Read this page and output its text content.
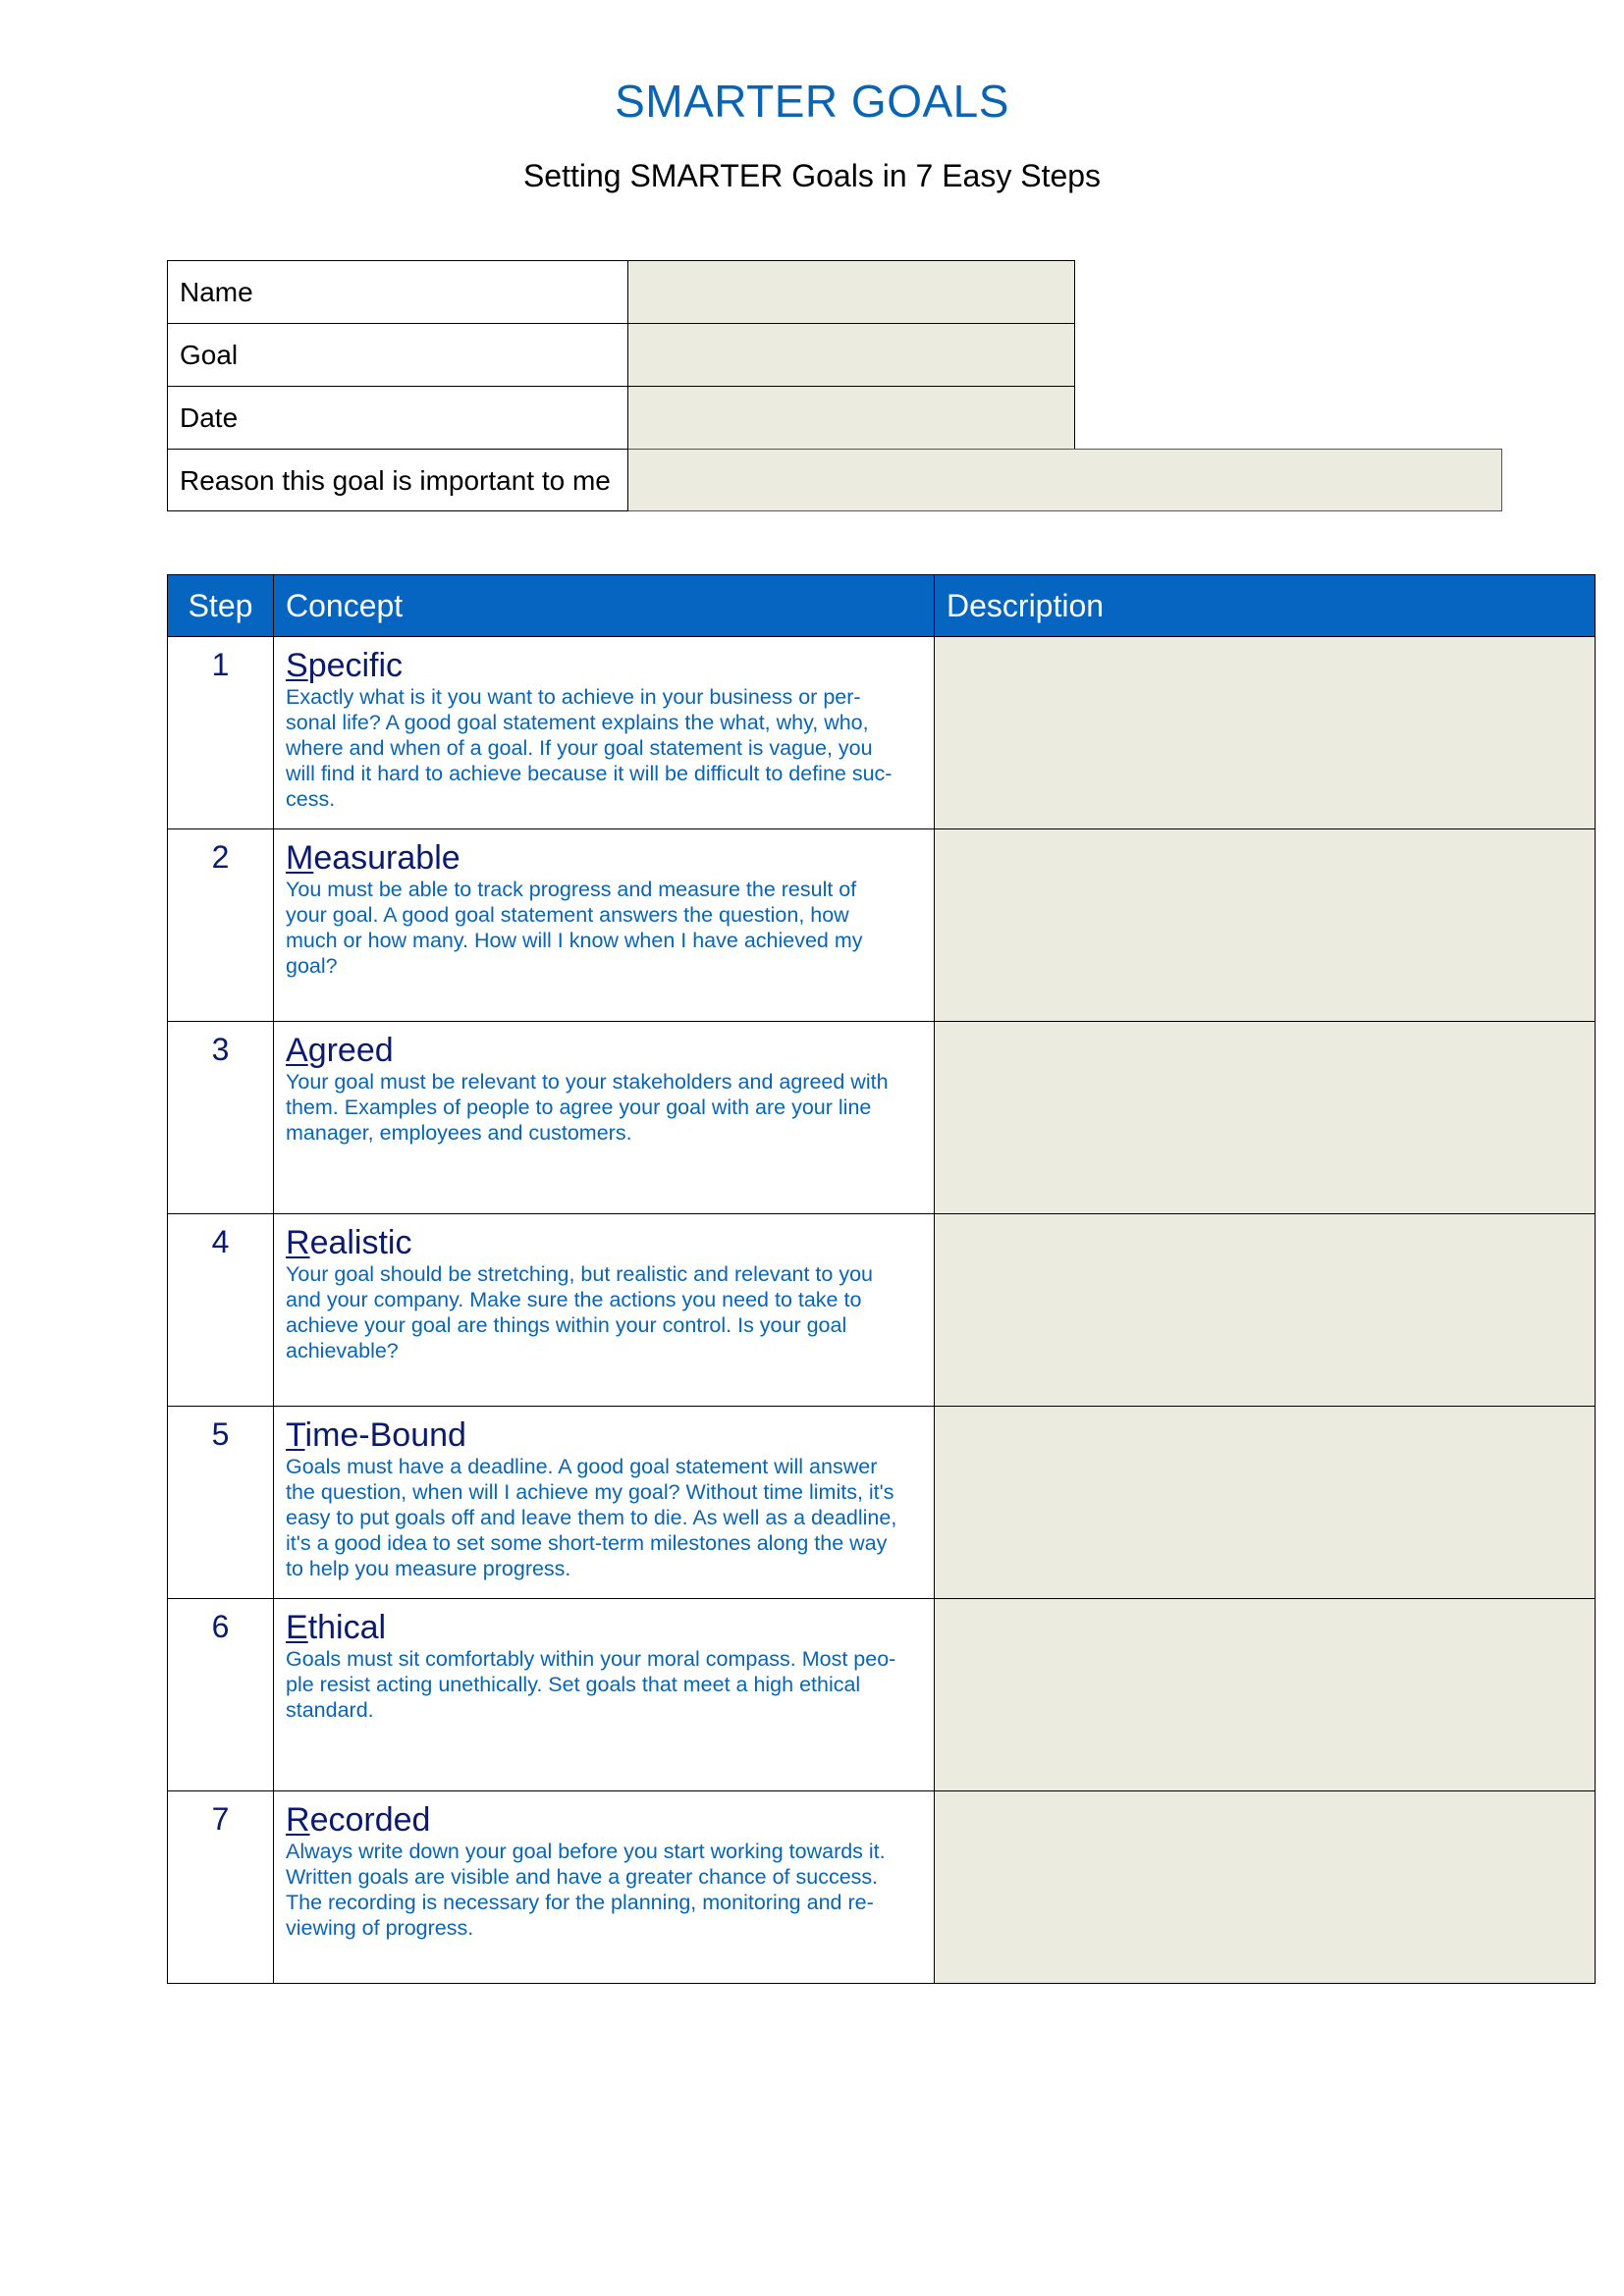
SMARTER GOALS
Setting SMARTER Goals in 7 Easy Steps
Name
Goal
Date
Reason this goal is important to me
Step	Concept	Description
1	Specific
Exactly what is it you want to achieve in your business or per-
sonal life? A good goal statement explains the what, why, who,
where and when of a goal. If your goal statement is vague, you
will find it hard to achieve because it will be difficult to define suc-
cess.
2	Measurable
You must be able to track progress and measure the result of
your goal. A good goal statement answers the question, how
much or how many. How will I know when I have achieved my
goal?
3	Agreed
Your goal must be relevant to your stakeholders and agreed with
them. Examples of people to agree your goal with are your line
manager, employees and customers.
4	Realistic
Your goal should be stretching, but realistic and relevant to you
and your company. Make sure the actions you need to take to
achieve your goal are things within your control. Is your goal
achievable?
5	Time-Bound
Goals must have a deadline. A good goal statement will answer
the question, when will I achieve my goal? Without time limits, it's
easy to put goals off and leave them to die. As well as a deadline,
it's a good idea to set some short-term milestones along the way
to help you measure progress.
6	Ethical
Goals must sit comfortably within your moral compass. Most peo-
ple resist acting unethically. Set goals that meet a high ethical
standard.
7	Recorded
Always write down your goal before you start working towards it.
Written goals are visible and have a greater chance of success.
The recording is necessary for the planning, monitoring and re-
viewing of progress.
